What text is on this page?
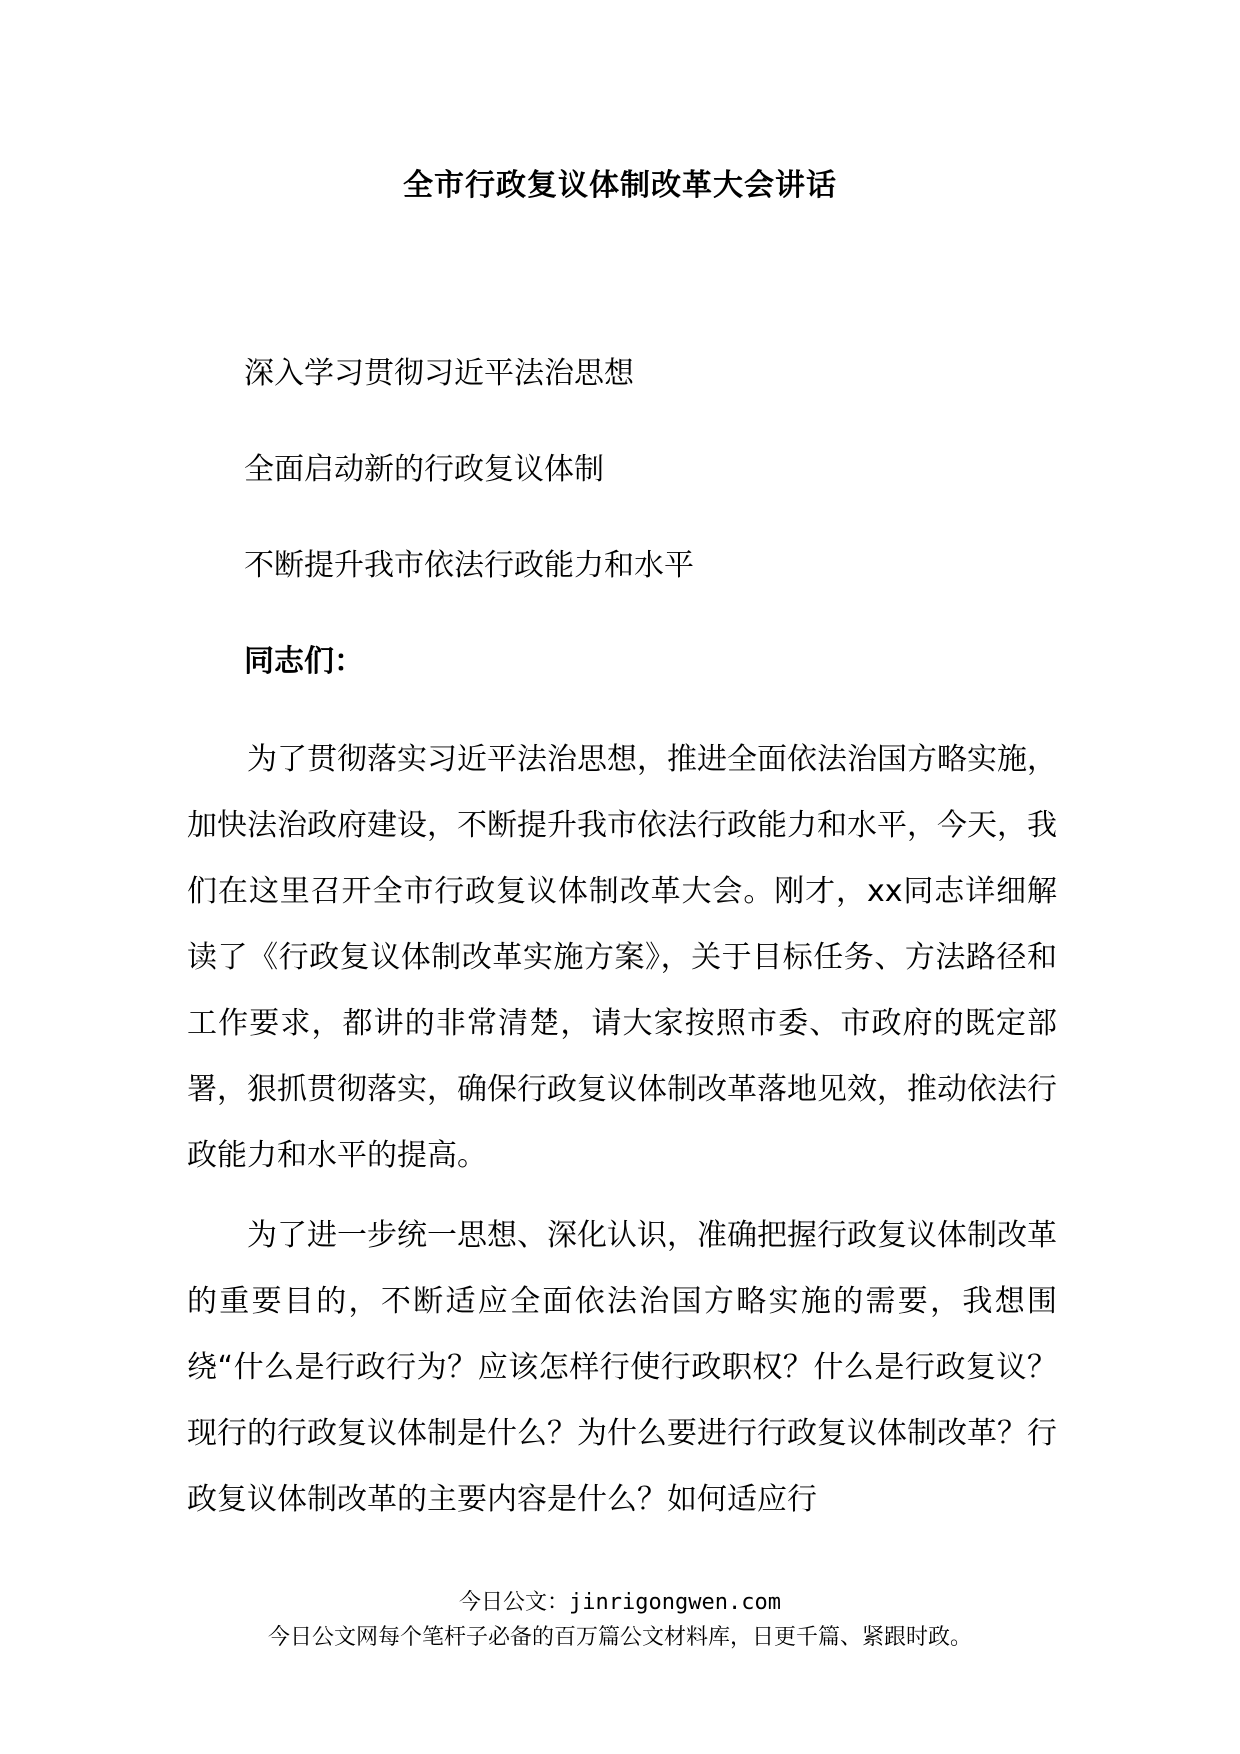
全市行政复议体制改革大会讲话
深入学习贯彻习近平法治思想
全面启动新的行政复议体制
不断提升我市依法行政能力和水平
同志们：
为了贯彻落实习近平法治思想，推进全面依法治国方略实施，加快法治政府建设，不断提升我市依法行政能力和水平，今天，我们在这里召开全市行政复议体制改革大会。刚才，xx同志详细解读了《行政复议体制改革实施方案》，关于目标任务、方法路径和工作要求，都讲的非常清楚，请大家按照市委、市政府的既定部署，狠抓贯彻落实，确保行政复议体制改革落地见效，推动依法行政能力和水平的提高。
为了进一步统一思想、深化认识，准确把握行政复议体制改革的重要目的，不断适应全面依法治国方略实施的需要，我想围绕“什么是行政行为？应该怎样行使行政职权？什么是行政复议？现行的行政复议体制是什么？为什么要进行行政复议体制改革？行政复议体制改革的主要内容是什么？如何适应行
今日公文：jinrigongwen.com
今日公文网每个笔杆子必备的百万篇公文材料库，日更千篇、紧跟时政。
